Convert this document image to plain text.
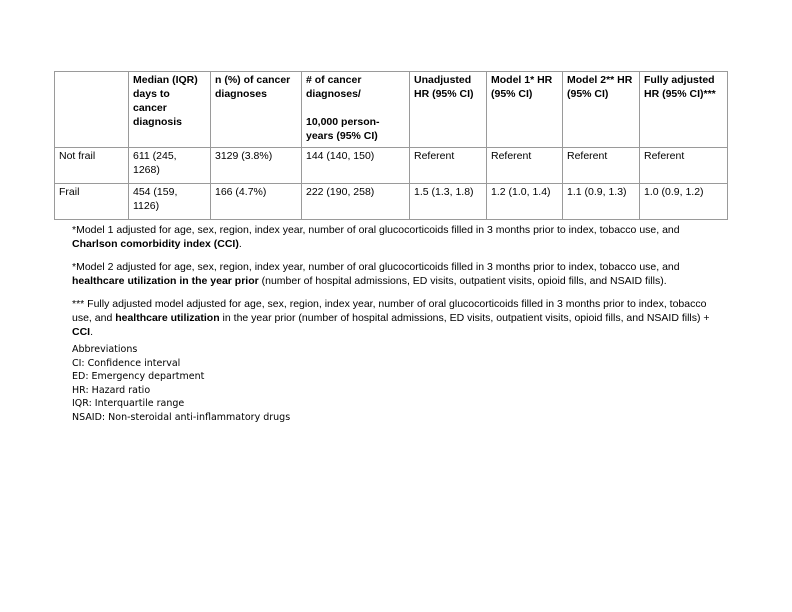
	Median (IQR) days to cancer diagnosis	n (%) of cancer diagnoses	# of cancer diagnoses/
10,000 person-years (95% CI)	Unadjusted HR (95% CI)	Model 1* HR (95% CI)	Model 2** HR (95% CI)	Fully adjusted HR (95% CI)***
Not frail	611 (245, 1268)	3129 (3.8%)	144 (140, 150)	Referent	Referent	Referent	Referent
Frail	454 (159, 1126)	166 (4.7%)	222 (190, 258)	1.5 (1.3, 1.8)	1.2 (1.0, 1.4)	1.1 (0.9, 1.3)	1.0 (0.9, 1.2)

*Model 1 adjusted for age, sex, region, index year, number of oral glucocorticoids filled in 3 months prior to index, tobacco use, and Charlson comorbidity index (CCI).

*Model 2 adjusted for age, sex, region, index year, number of oral glucocorticoids filled in 3 months prior to index, tobacco use, and healthcare utilization in the year prior (number of hospital admissions, ED visits, outpatient visits, opioid fills, and NSAID fills).

*** Fully adjusted model adjusted for age, sex, region, index year, number of oral glucocorticoids filled in 3 months prior to index, tobacco use, and healthcare utilization in the year prior (number of hospital admissions, ED visits, outpatient visits, opioid fills, and NSAID fills) + CCI.

Abbreviations
CI: Confidence interval
ED: Emergency department
HR: Hazard ratio
IQR: Interquartile range
NSAID: Non-steroidal anti-inflammatory drugs
